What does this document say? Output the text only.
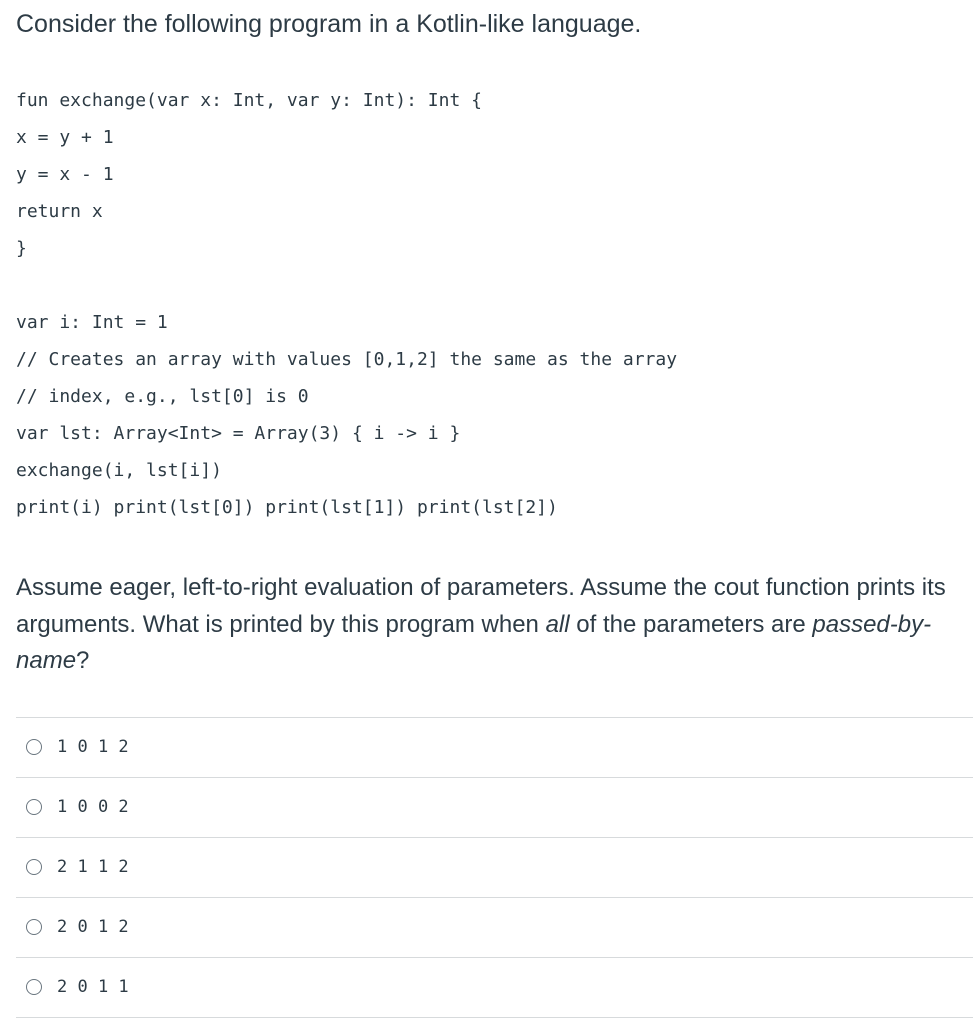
Consider the following program in a Kotlin-like language.

fun exchange(var x: Int, var y: Int): Int {
x = y + 1
y = x - 1
return x
}
var i: Int = 1
// Creates an array with values [0,1,2] the same as the array
// index, e.g., lst[0] is 0
var lst: Array<Int> = Array(3) { i -> i }
exchange(i, lst[i])
print(i) print(lst[0]) print(lst[1]) print(lst[2])
Assume eager, left-to-right evaluation of parameters. Assume the cout function prints its arguments. What is printed by this program when all of the parameters are passed-by-name?
1 0 1 2
1 0 0 2
2 1 1 2
2 0 1 2
2 0 1 1
